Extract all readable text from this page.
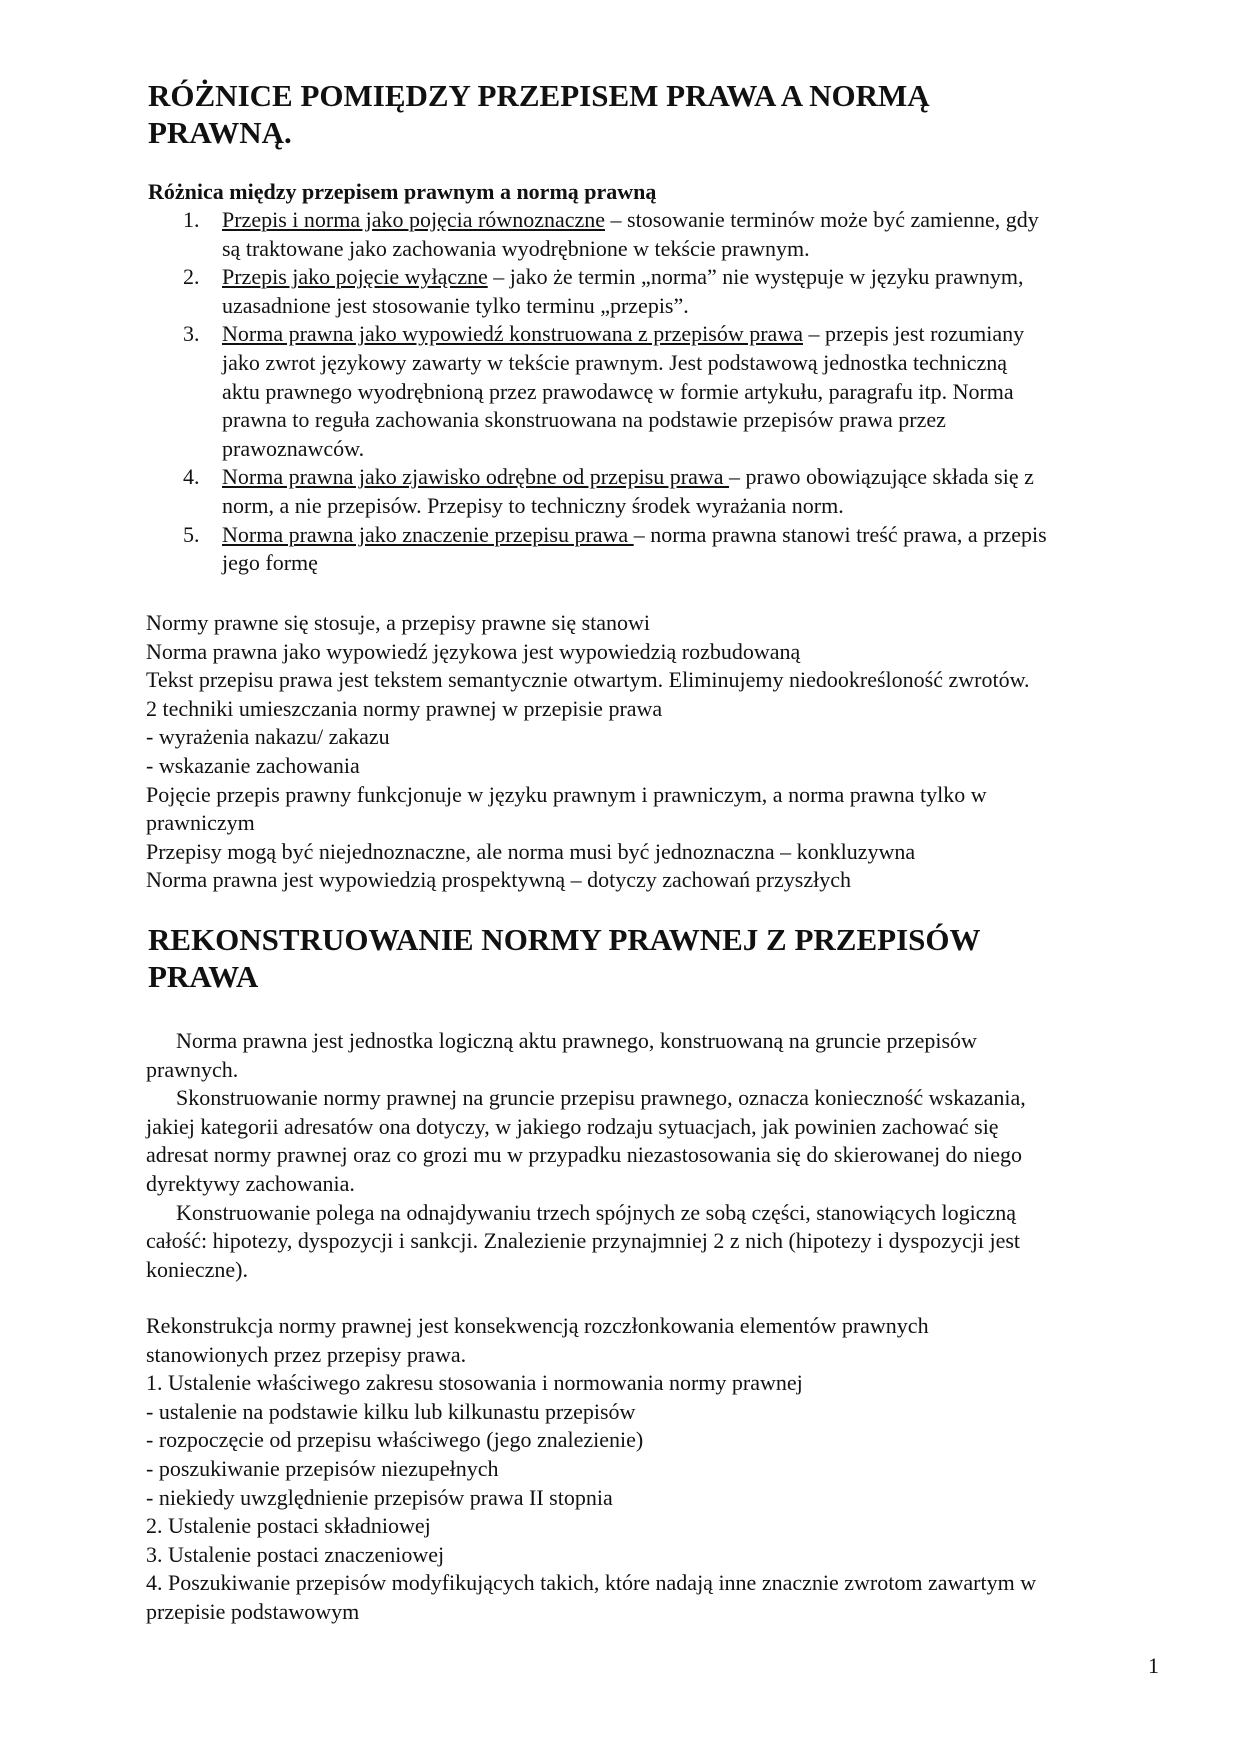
RÓŻNICE POMIĘDZY PRZEPISEM PRAWA A NORMĄ
PRAWNĄ.
Różnica między przepisem prawnym a normą prawną
1. Przepis i norma jako pojęcia równoznaczne – stosowanie terminów może być zamienne, gdy
są traktowane jako zachowania wyodrębnione w tekście prawnym.
2. Przepis jako pojęcie wyłączne – jako że termin „norma” nie występuje w języku prawnym,
uzasadnione jest stosowanie tylko terminu „przepis”.
3. Norma prawna jako wypowiedź konstruowana z przepisów prawa – przepis jest rozumiany
jako zwrot językowy zawarty w tekście prawnym. Jest podstawową jednostka techniczną
aktu prawnego wyodrębnioną przez prawodawcę w formie artykułu, paragrafu itp. Norma
prawna to reguła zachowania skonstruowana na podstawie przepisów prawa przez
prawoznawców.
4. Norma prawna jako zjawisko odrębne od przepisu prawa – prawo obowiązujące składa się z
norm, a nie przepisów. Przepisy to techniczny środek wyrażania norm.
5. Norma prawna jako znaczenie przepisu prawa – norma prawna stanowi treść prawa, a przepis
jego formę
Normy prawne się stosuje, a przepisy prawne się stanowi
Norma prawna jako wypowiedź językowa jest wypowiedzią rozbudowaną
Tekst przepisu prawa jest tekstem semantycznie otwartym. Eliminujemy niedookreśloność zwrotów.
2 techniki umieszczania normy prawnej w przepisie prawa
- wyrażenia nakazu/ zakazu
- wskazanie zachowania
Pojęcie przepis prawny funkcjonuje w języku prawnym i prawniczym, a norma prawna tylko w
prawniczym
Przepisy mogą być niejednoznaczne, ale norma musi być jednoznaczna – konkluzywna
Norma prawna jest wypowiedzią prospektywną – dotyczy zachowań przyszłych
REKONSTRUOWANIE NORMY PRAWNEJ Z PRZEPISÓW
PRAWA
Norma prawna jest jednostka logiczną aktu prawnego, konstruowaną na gruncie przepisów
prawnych.
Skonstruowanie normy prawnej na gruncie przepisu prawnego, oznacza konieczność wskazania,
jakiej kategorii adresatów ona dotyczy, w jakiego rodzaju sytuacjach, jak powinien zachować się
adresat normy prawnej oraz co grozi mu w przypadku niezastosowania się do skierowanej do niego
dyrektywy zachowania.
Konstruowanie polega na odnajdywaniu trzech spójnych ze sobą części, stanowiących logiczną
całość: hipotezy, dyspozycji i sankcji. Znalezienie przynajmniej 2 z nich (hipotezy i dyspozycji jest
konieczne).
Rekonstrukcja normy prawnej jest konsekwencją rozczłonkowania elementów prawnych
stanowionych przez przepisy prawa.
1. Ustalenie właściwego zakresu stosowania i normowania normy prawnej
- ustalenie na podstawie kilku lub kilkunastu przepisów
- rozpoczęcie od przepisu właściwego (jego znalezienie)
- poszukiwanie przepisów niezupełnych
- niekiedy uwzględnienie przepisów prawa II stopnia
2. Ustalenie postaci składniowej
3. Ustalenie postaci znaczeniowej
4. Poszukiwanie przepisów modyfikujących takich, które nadają inne znacznie zwrotom zawartym w
przepisie podstawowym
1
